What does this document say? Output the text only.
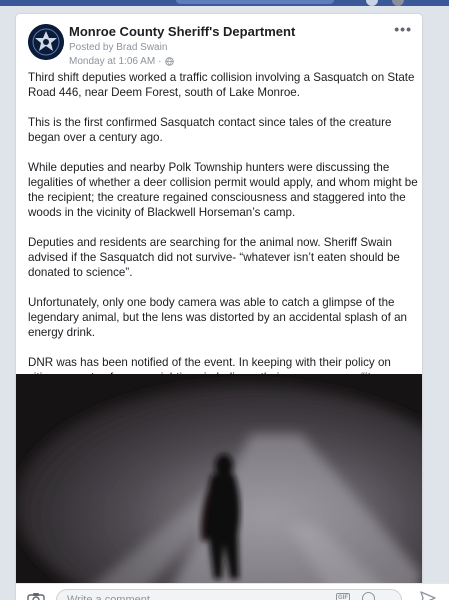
Monroe County Sheriff's Department
Posted by Brad Swain
Monday at 1:06 AM ·
•••

Third shift deputies worked a traffic collision involving a Sasquatch on State Road 446, near Deem Forest, south of Lake Monroe.

This is the first confirmed Sasquatch contact since tales of the creature began over a century ago.

While deputies and nearby Polk Township hunters were discussing the legalities of whether a deer collision permit would apply, and whom might be the recipient; the creature regained consciousness and staggered into the woods in the vicinity of Blackwell Horseman’s camp.

Deputies and residents are searching for the animal now. Sheriff Swain advised if the Sasquatch did not survive- “whatever isn’t eaten should be donated to science”.

Unfortunately, only one body camera was able to catch a glimpse of the legendary animal, but the lens was distorted by an accidental splash of an energy drink.

DNR was has been notified of the event. In keeping with their policy on

Write a comment...
GIF
